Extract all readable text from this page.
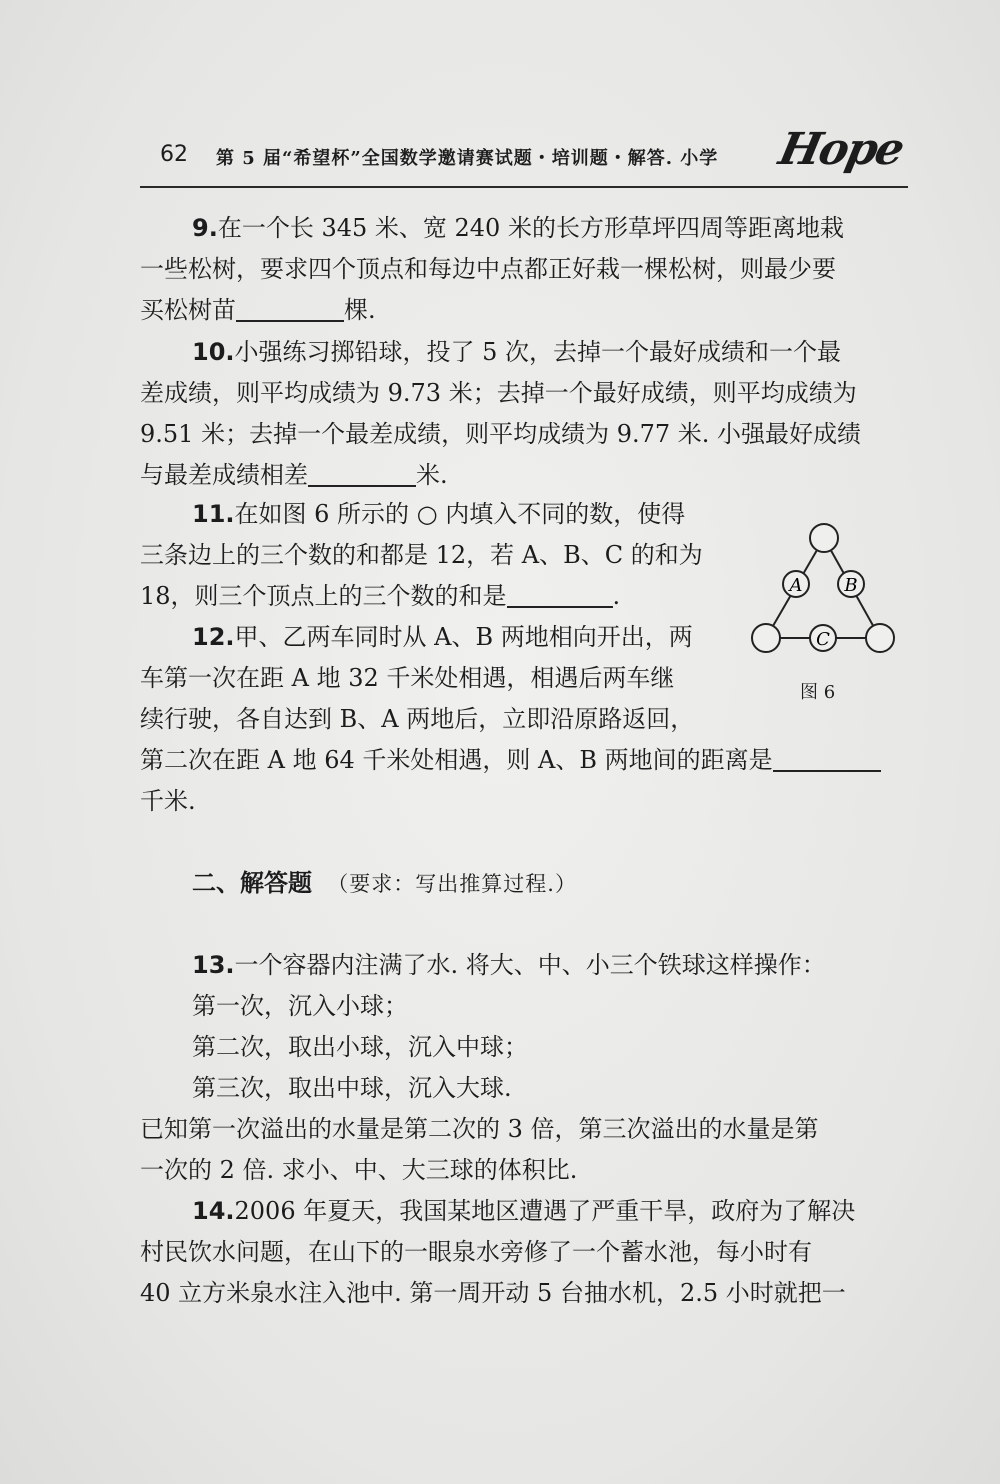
62 第 5 届“希望杯”全国数学邀请赛试题・培训题・解答. 小学 Hope

9.在一个长 345 米、宽 240 米的长方形草坪四周等距离地栽

一些松树，要求四个顶点和每边中点都正好栽一棵松树，则最少要

买松树苗	棵.

10.小强练习掷铅球，投了 5 次，去掉一个最好成绩和一个最

差成绩，则平均成绩为 9.73 米；去掉一个最好成绩，则平均成绩为

9.51 米；去掉一个最差成绩，则平均成绩为 9.77 米. 小强最好成绩

与最差成绩相差	米.

11.在如图 6 所示的 ○ 内填入不同的数，使得

三条边上的三个数的和都是 12，若 A、B、C 的和为

18，则三个顶点上的三个数的和是	.

12.甲、乙两车同时从 A、B 两地相向开出，两

车第一次在距 A 地 32 千米处相遇，相遇后两车继

续行驶，各自达到 B、A 两地后，立即沿原路返回，

第二次在距 A 地 64 千米处相遇，则 A、B 两地间的距离是

千米.

A B
C
图 6

二、解答题 （要求：写出推算过程.）

13.一个容器内注满了水. 将大、中、小三个铁球这样操作：

第一次，沉入小球；

第二次，取出小球，沉入中球；

第三次，取出中球，沉入大球.

已知第一次溢出的水量是第二次的 3 倍，第三次溢出的水量是第

一次的 2 倍. 求小、中、大三球的体积比.

14.2006 年夏天，我国某地区遭遇了严重干旱，政府为了解决

村民饮水问题，在山下的一眼泉水旁修了一个蓄水池，每小时有

40 立方米泉水注入池中. 第一周开动 5 台抽水机，2.5 小时就把一
